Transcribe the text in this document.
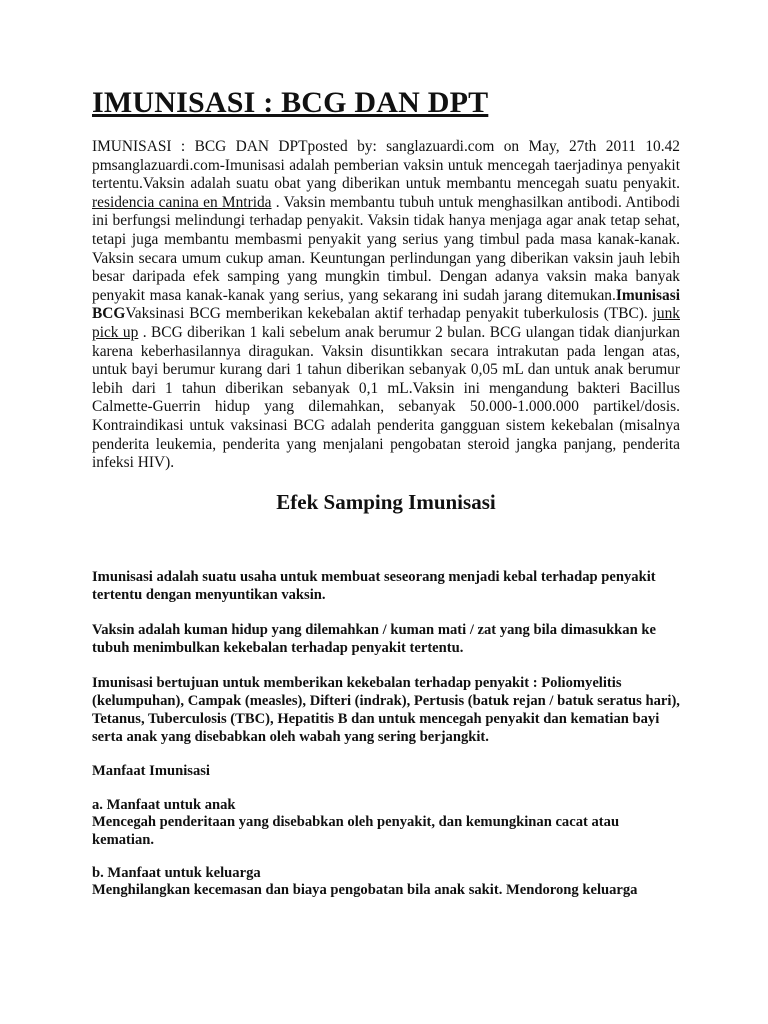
IMUNISASI : BCG DAN DPT

IMUNISASI : BCG DAN DPTposted by: sanglazuardi.com on May, 27th 2011 10.42 pmsanglazuardi.com-Imunisasi adalah pemberian vaksin untuk mencegah taerjadinya penyakit tertentu.Vaksin adalah suatu obat yang diberikan untuk membantu mencegah suatu penyakit. residencia canina en Mntrida . Vaksin membantu tubuh untuk menghasilkan antibodi. Antibodi ini berfungsi melindungi terhadap penyakit. Vaksin tidak hanya menjaga agar anak tetap sehat, tetapi juga membantu membasmi penyakit yang serius yang timbul pada masa kanak-kanak. Vaksin secara umum cukup aman. Keuntungan perlindungan yang diberikan vaksin jauh lebih besar daripada efek samping yang mungkin timbul. Dengan adanya vaksin maka banyak penyakit masa kanak-kanak yang serius, yang sekarang ini sudah jarang ditemukan.Imunisasi BCGVaksinasi BCG memberikan kekebalan aktif terhadap penyakit tuberkulosis (TBC). junk pick up . BCG diberikan 1 kali sebelum anak berumur 2 bulan. BCG ulangan tidak dianjurkan karena keberhasilannya diragukan. Vaksin disuntikkan secara intrakutan pada lengan atas, untuk bayi berumur kurang dari 1 tahun diberikan sebanyak 0,05 mL dan untuk anak berumur lebih dari 1 tahun diberikan sebanyak 0,1 mL.Vaksin ini mengandung bakteri Bacillus Calmette-Guerrin hidup yang dilemahkan, sebanyak 50.000-1.000.000 partikel/dosis. Kontraindikasi untuk vaksinasi BCG adalah penderita gangguan sistem kekebalan (misalnya penderita leukemia, penderita yang menjalani pengobatan steroid jangka panjang, penderita infeksi HIV).

Efek Samping Imunisasi

Imunisasi adalah suatu usaha untuk membuat seseorang menjadi kebal terhadap penyakit tertentu dengan menyuntikan vaksin.

Vaksin adalah kuman hidup yang dilemahkan / kuman mati / zat yang bila dimasukkan ke tubuh menimbulkan kekebalan terhadap penyakit tertentu.

Imunisasi bertujuan untuk memberikan kekebalan terhadap penyakit : Poliomyelitis (kelumpuhan), Campak (measles), Difteri (indrak), Pertusis (batuk rejan / batuk seratus hari), Tetanus, Tuberculosis (TBC), Hepatitis B dan untuk mencegah penyakit dan kematian bayi serta anak yang disebabkan oleh wabah yang sering berjangkit.

Manfaat Imunisasi

a. Manfaat untuk anak

Mencegah penderitaan yang disebabkan oleh penyakit, dan kemungkinan cacat atau kematian.

b. Manfaat untuk keluarga

Menghilangkan kecemasan dan biaya pengobatan bila anak sakit. Mendorong keluarga
